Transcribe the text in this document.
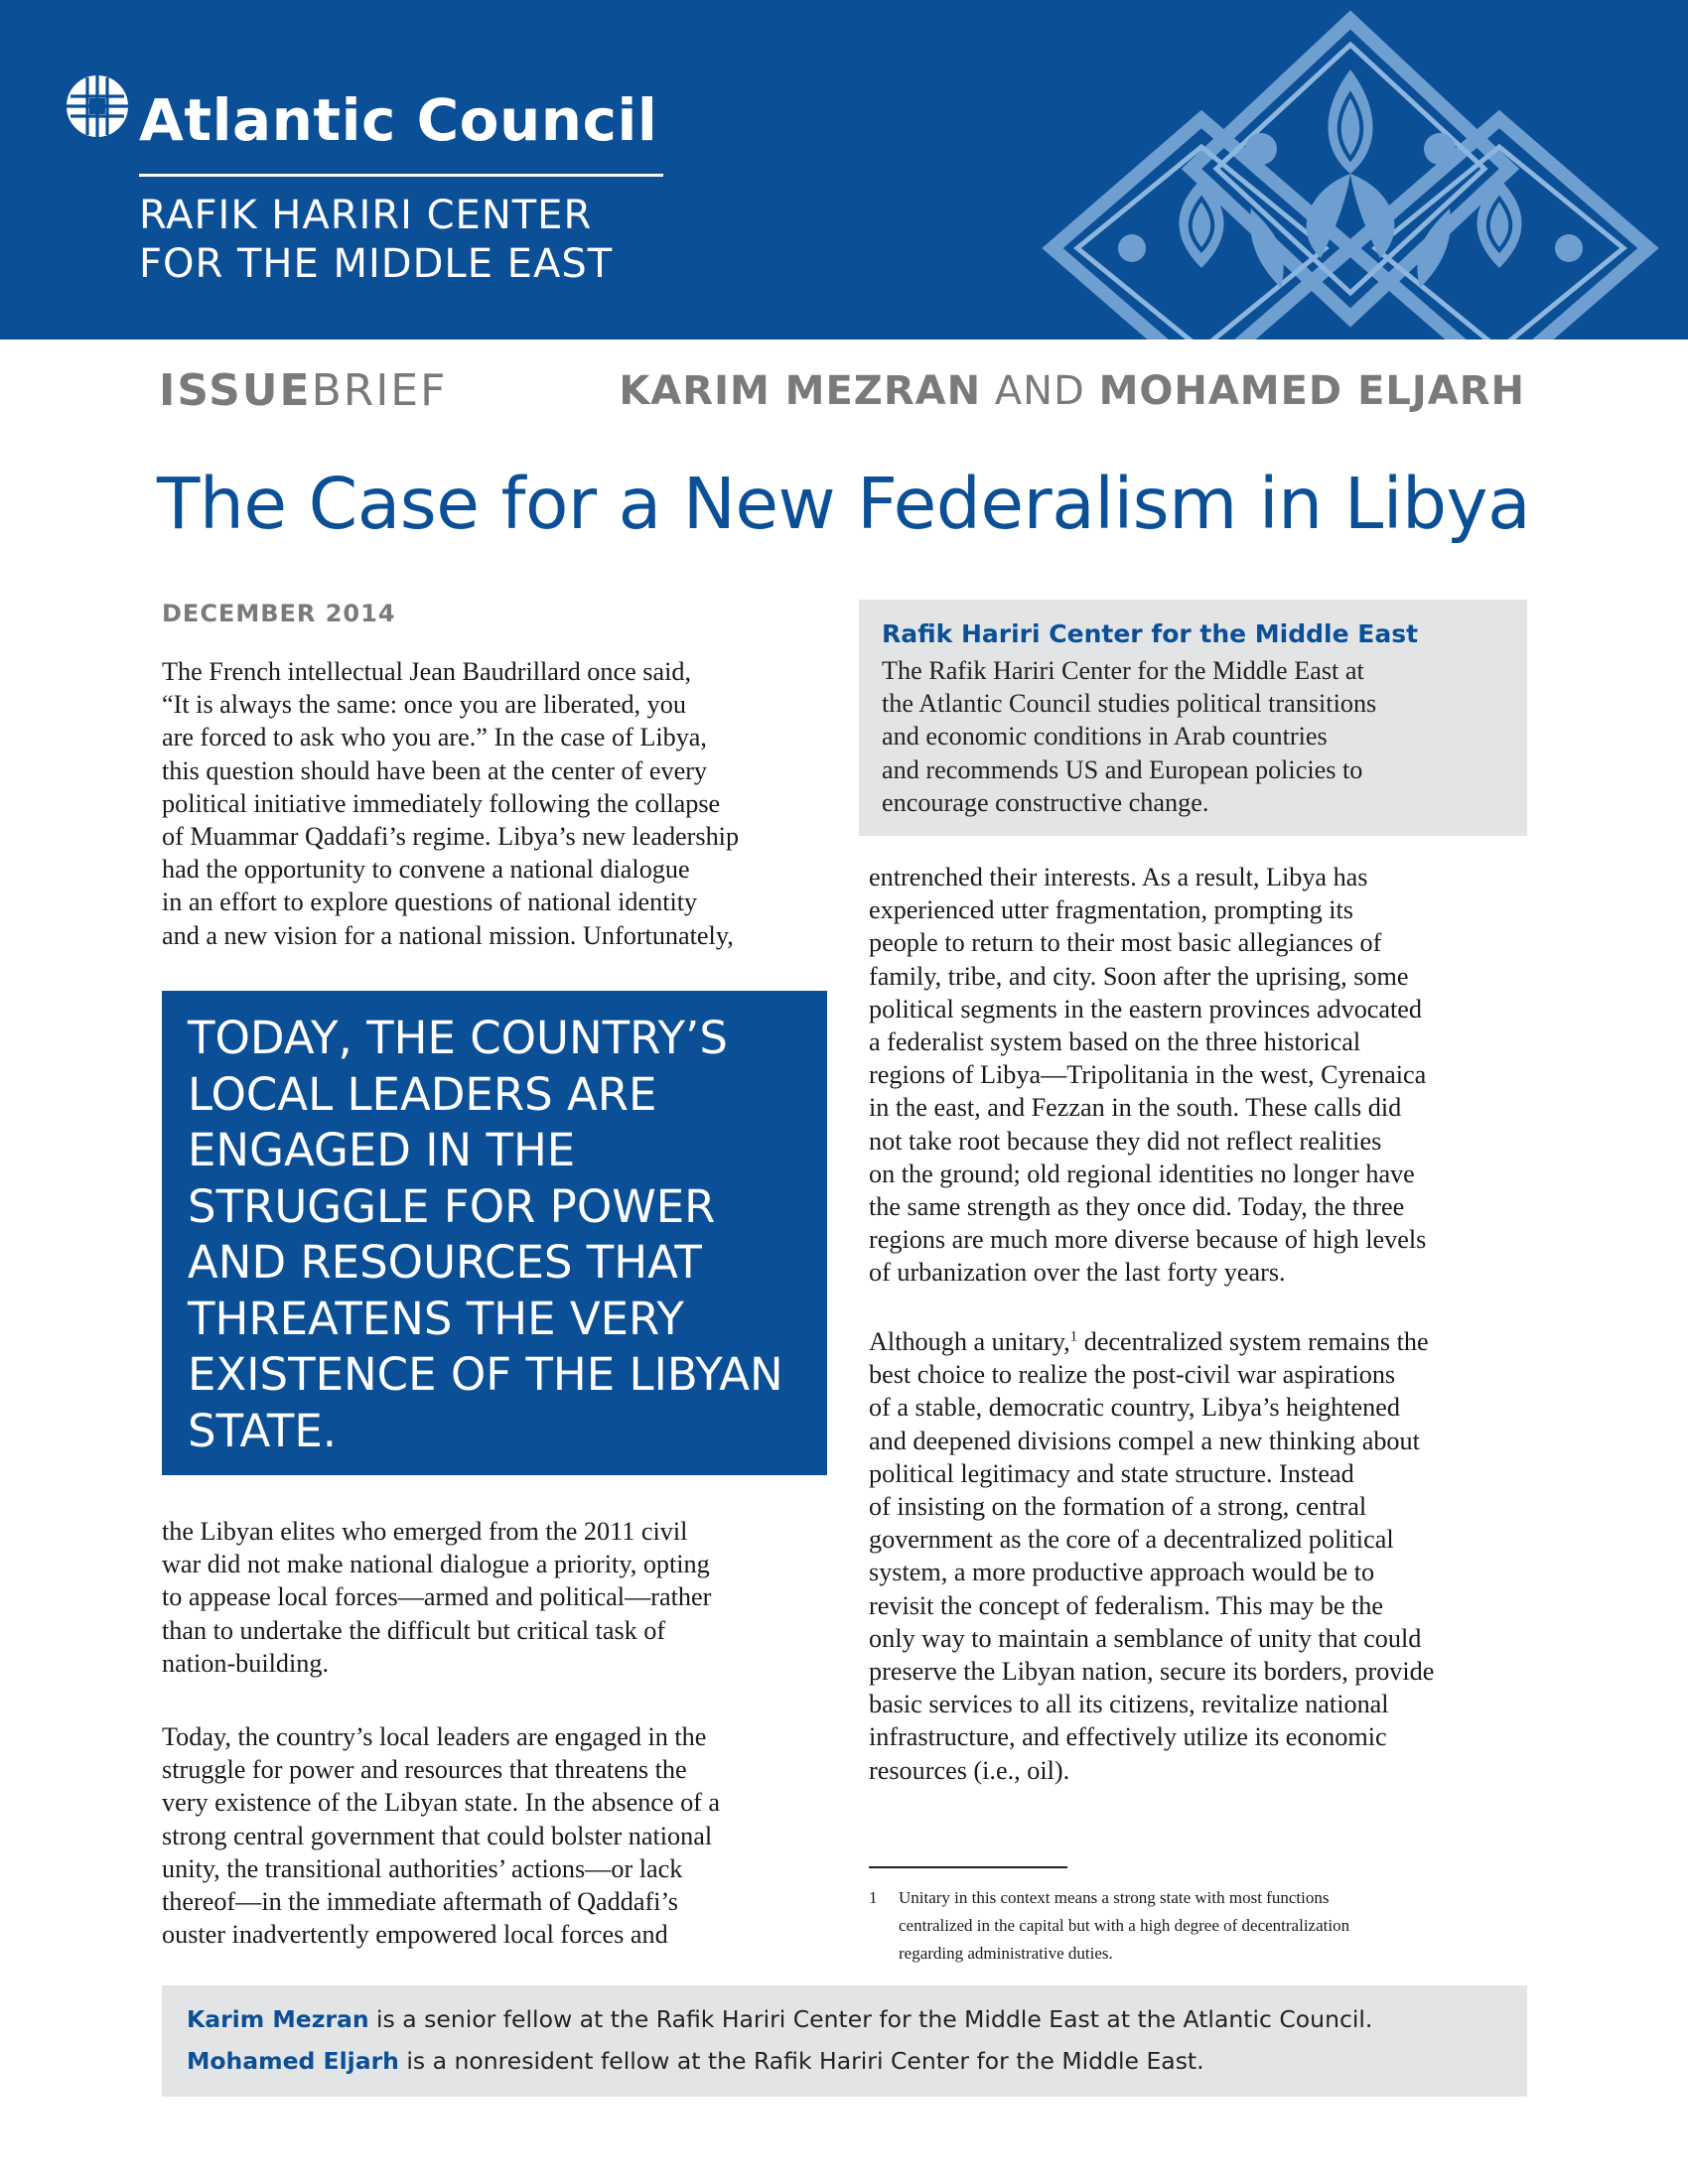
Atlantic Council
RAFIK HARIRI CENTER
FOR THE MIDDLE EAST
ISSUEBRIEF	KARIM MEZRAN AND MOHAMED ELJARH
The Case for a New Federalism in Libya
DECEMBER 2014
The French intellectual Jean Baudrillard once said,
“It is always the same: once you are liberated, you
are forced to ask who you are.” In the case of Libya,
this question should have been at the center of every
political initiative immediately following the collapse
of Muammar Qaddafi’s regime. Libya’s new leadership
had the opportunity to convene a national dialogue
in an effort to explore questions of national identity
and a new vision for a national mission. Unfortunately,
TODAY, THE COUNTRY’S
LOCAL LEADERS ARE
ENGAGED IN THE
STRUGGLE FOR POWER
AND RESOURCES THAT
THREATENS THE VERY
EXISTENCE OF THE LIBYAN
STATE.
the Libyan elites who emerged from the 2011 civil
war did not make national dialogue a priority, opting
to appease local forces—armed and political—rather
than to undertake the difficult but critical task of
nation-building.
Today, the country’s local leaders are engaged in the
struggle for power and resources that threatens the
very existence of the Libyan state. In the absence of a
strong central government that could bolster national
unity, the transitional authorities’ actions—or lack
thereof—in the immediate aftermath of Qaddafi’s
ouster inadvertently empowered local forces and
Rafik Hariri Center for the Middle East
The Rafik Hariri Center for the Middle East at
the Atlantic Council studies political transitions
and economic conditions in Arab countries
and recommends US and European policies to
encourage constructive change.
entrenched their interests. As a result, Libya has
experienced utter fragmentation, prompting its
people to return to their most basic allegiances of
family, tribe, and city. Soon after the uprising, some
political segments in the eastern provinces advocated
a federalist system based on the three historical
regions of Libya—Tripolitania in the west, Cyrenaica
in the east, and Fezzan in the south. These calls did
not take root because they did not reflect realities
on the ground; old regional identities no longer have
the same strength as they once did. Today, the three
regions are much more diverse because of high levels
of urbanization over the last forty years.
Although a unitary,$^1$ decentralized system remains the
best choice to realize the post-civil war aspirations
of a stable, democratic country, Libya’s heightened
and deepened divisions compel a new thinking about
political legitimacy and state structure. Instead
of insisting on the formation of a strong, central
government as the core of a decentralized political
system, a more productive approach would be to
revisit the concept of federalism. This may be the
only way to maintain a semblance of unity that could
preserve the Libyan nation, secure its borders, provide
basic services to all its citizens, revitalize national
infrastructure, and effectively utilize its economic
resources (i.e., oil).
1 Unitary in this context means a strong state with most functions
centralized in the capital but with a high degree of decentralization
regarding administrative duties.
Karim Mezran is a senior fellow at the Rafik Hariri Center for the Middle East at the Atlantic Council.
Mohamed Eljarh is a nonresident fellow at the Rafik Hariri Center for the Middle East.
